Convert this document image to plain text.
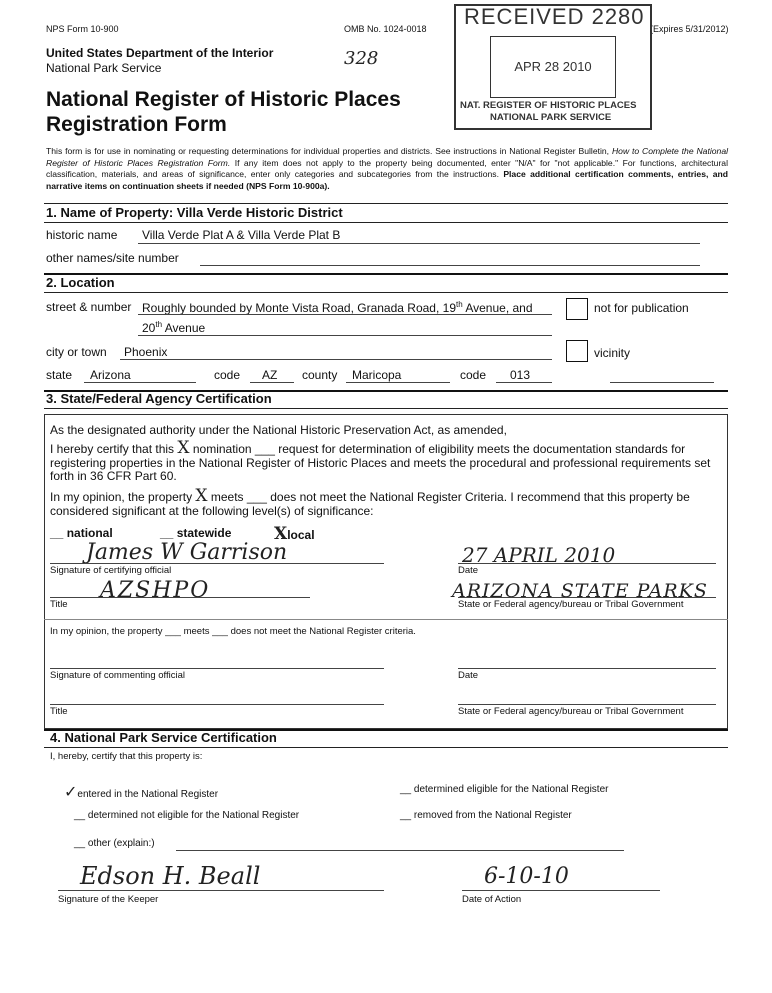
NPS Form 10-900	OMB No. 1024-0018	(Expires 5/31/2012)
United States Department of the Interior
National Park Service	328
National Register of Historic Places
Registration Form
RECEIVED 2280
APR 28 2010
NAT. REGISTER OF HISTORIC PLACES
NATIONAL PARK SERVICE
This form is for use in nominating or requesting determinations for individual properties and districts. See instructions in National Register Bulletin, How to Complete the National Register of Historic Places Registration Form. If any item does not apply to the property being documented, enter "N/A" for "not applicable." For functions, architectural classification, materials, and areas of significance, enter only categories and subcategories from the instructions. Place additional certification comments, entries, and narrative items on continuation sheets if needed (NPS Form 10-900a).
1. Name of Property: Villa Verde Historic District
historic name Villa Verde Plat A & Villa Verde Plat B
other names/site number
2. Location
street & number Roughly bounded by Monte Vista Road, Granada Road, 19th Avenue, and
20th Avenue
not for publication
city or town Phoenix	vicinity
state Arizona	code AZ county Maricopa	code 013
3. State/Federal Agency Certification
As the designated authority under the National Historic Preservation Act, as amended,
I hereby certify that this X nomination ___ request for determination of eligibility meets the documentation standards for registering properties in the National Register of Historic Places and meets the procedural and professional requirements set forth in 36 CFR Part 60.
In my opinion, the property X meets ___ does not meet the National Register Criteria. I recommend that this property be considered significant at the following level(s) of significance:
__ national	__ statewide	Xlocal
James W Garrison
Signature of certifying official
27 APRIL 2010
Date
AZSHPO
Title
ARIZONA STATE PARKS
State or Federal agency/bureau or Tribal Government
In my opinion, the property ___ meets ___ does not meet the National Register criteria.
Signature of commenting official	Date
Title	State or Federal agency/bureau or Tribal Government
4. National Park Service Certification
I, hereby, certify that this property is:
✓entered in the National Register	__ determined eligible for the National Register
__ determined not eligible for the National Register	__ removed from the National Register
__ other (explain:)
Edson H. Beall
Signature of the Keeper
6-10-10
Date of Action
